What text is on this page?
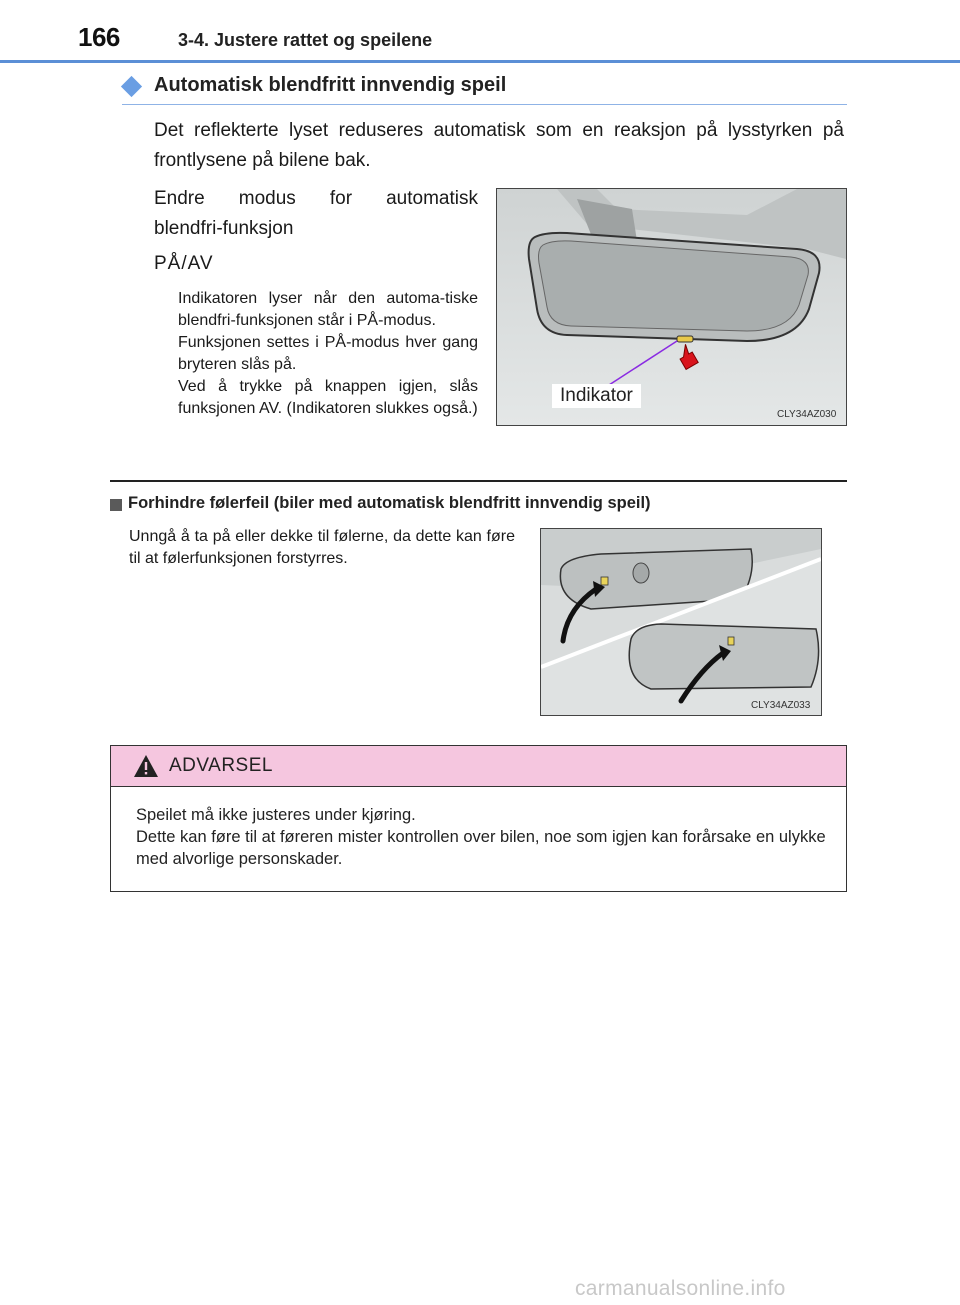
166	3-4. Justere rattet og speilene
Automatisk blendfritt innvendig speil
Det reflekterte lyset reduseres automatisk som en reaksjon på lysstyrken på frontlysene på bilene bak.
Endre modus for automatisk
blendfri-funksjon
PÅ/AV

Indikatoren lyser når den automa-tiske blendfri-funksjonen står i PÅ-modus.

Funksjonen settes i PÅ-modus hver gang bryteren slås på.

Ved å trykke på knappen igjen, slås funksjonen AV. (Indikatoren slukkes også.)

Indikator
CLY34AZ030
Forhindre følerfeil (biler med automatisk blendfritt innvendig speil)
Unngå å ta på eller dekke til følerne, da dette kan føre til at følerfunksjonen forstyrres.
CLY34AZ033
ADVARSEL

Speilet må ikke justeres under kjøring.

Dette kan føre til at føreren mister kontrollen over bilen, noe som igjen kan forårsake en ulykke med alvorlige personskader.

carmanualsonline.info
